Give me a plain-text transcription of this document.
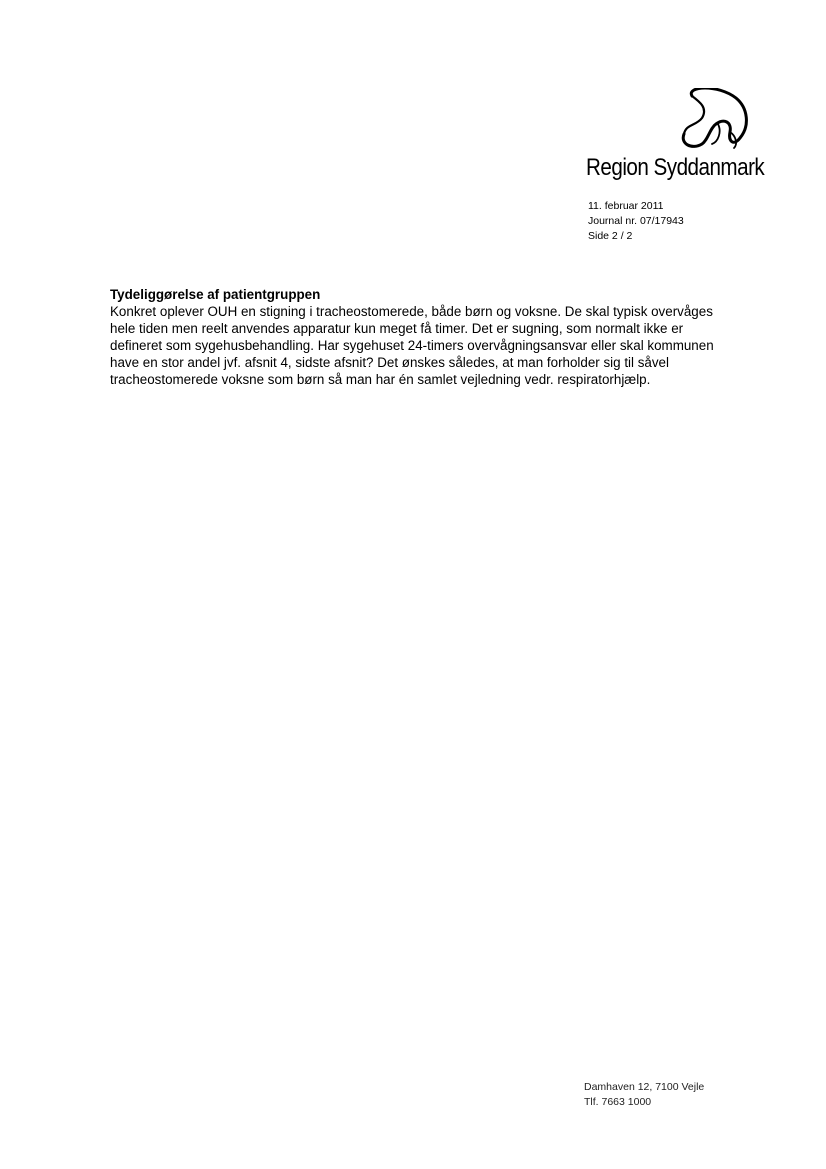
Region Syddanmark
11. februar 2011
Journal nr. 07/17943
Side 2 / 2

Tydeliggørelse af patientgruppen

Konkret oplever OUH en stigning i tracheostomerede, både børn og voksne. De skal typisk overvåges
hele tiden men reelt anvendes apparatur kun meget få timer. Det er sugning, som normalt ikke er
defineret som sygehusbehandling. Har sygehuset 24-timers overvågningsansvar eller skal kommunen
have en stor andel jvf. afsnit 4, sidste afsnit? Det ønskes således, at man forholder sig til såvel
tracheostomerede voksne som børn så man har én samlet vejledning vedr. respiratorhjælp.
Damhaven 12, 7100 Vejle
Tlf. 7663 1000
